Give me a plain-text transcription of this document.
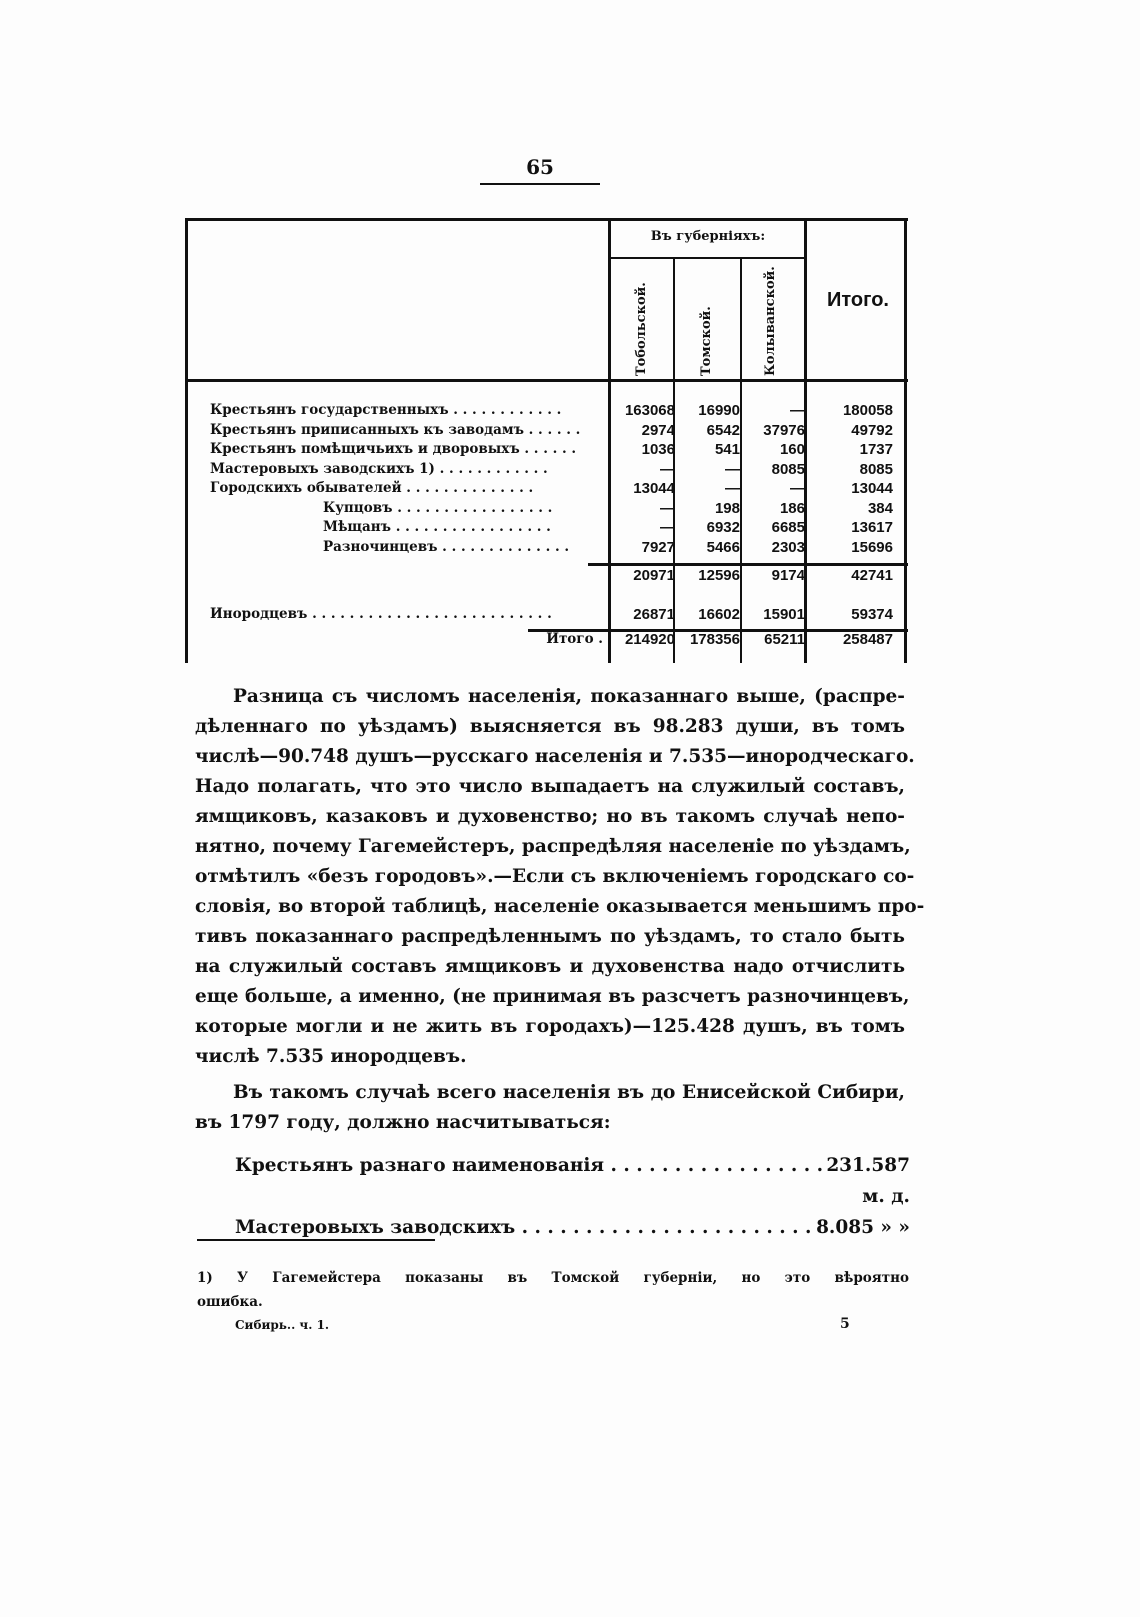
65
Въ губерніяхъ:
Тобольской.	Томской.	Колыванской.	Итого.
Крестьянъ государственныхъ . . . . . . . . . . . .	163068	16990	—	180058
Крестьянъ приписанныхъ къ заводамъ . . . . . .	2974	6542	37976	49792
Крестьянъ помѣщичьихъ и дворовыхъ . . . . . .	1036	541	160	1737
Мастеровыхъ заводскихъ 1) . . . . . . . . . . . .	—	—	8085	8085
Городскихъ обывателей . . . . . . . . . . . . . .	13044	—	—	13044
Купцовъ . . . . . . . . . . . . . . . . .	—	198	186	384
Мѣщанъ . . . . . . . . . . . . . . . . .	—	6932	6685	13617
Разночинцевъ . . . . . . . . . . . . . .	7927	5466	2303	15696
20971	12596	9174	42741
Инородцевъ . . . . . . . . . . . . . . . . . . . . . . . . . .	26871	16602	15901	59374
Итого .	214920 178356	65211	258487
Разница съ числомъ населенія, показаннаго выше, (распре-
дѣленнаго по уѣздамъ) выясняется въ 98.283 души, въ томъ
числѣ—90.748 душъ—русскаго населенія и 7.535—инородческаго.
Надо полагать, что это число выпадаетъ на служилый составъ,
ямщиковъ, казаковъ и духовенство; но въ такомъ случаѣ непо-
нятно, почему Гагемейстеръ, распредѣляя населеніе по уѣздамъ,
отмѣтилъ «безъ городовъ».—Если съ включеніемъ городскаго со-
словія, во второй таблицѣ, населеніе оказывается меньшимъ про-
тивъ показаннаго распредѣленнымъ по уѣздамъ, то стало быть
на служилый составъ ямщиковъ и духовенства надо отчислить
еще больше, а именно, (не принимая въ разсчетъ разночинцевъ,
которые могли и не жить въ городахъ)—125.428 душъ, въ томъ
числѣ 7.535 инородцевъ.
Въ такомъ случаѣ всего населенія въ до Енисейской Сибири,
въ 1797 году, должно насчитываться:
Крестьянъ разнаго наименованія . . . . . . . . . . . . . . . . . 231.587 м. д.
Мастеровыхъ заводскихъ . . . . . . . . . . . . . . . . . . . . . . . 8.085 » »
1) У Гагемейстера показаны въ Томской губерніи, но это вѣроятно
ошибка.
Сибирь.. ч. 1.	5
